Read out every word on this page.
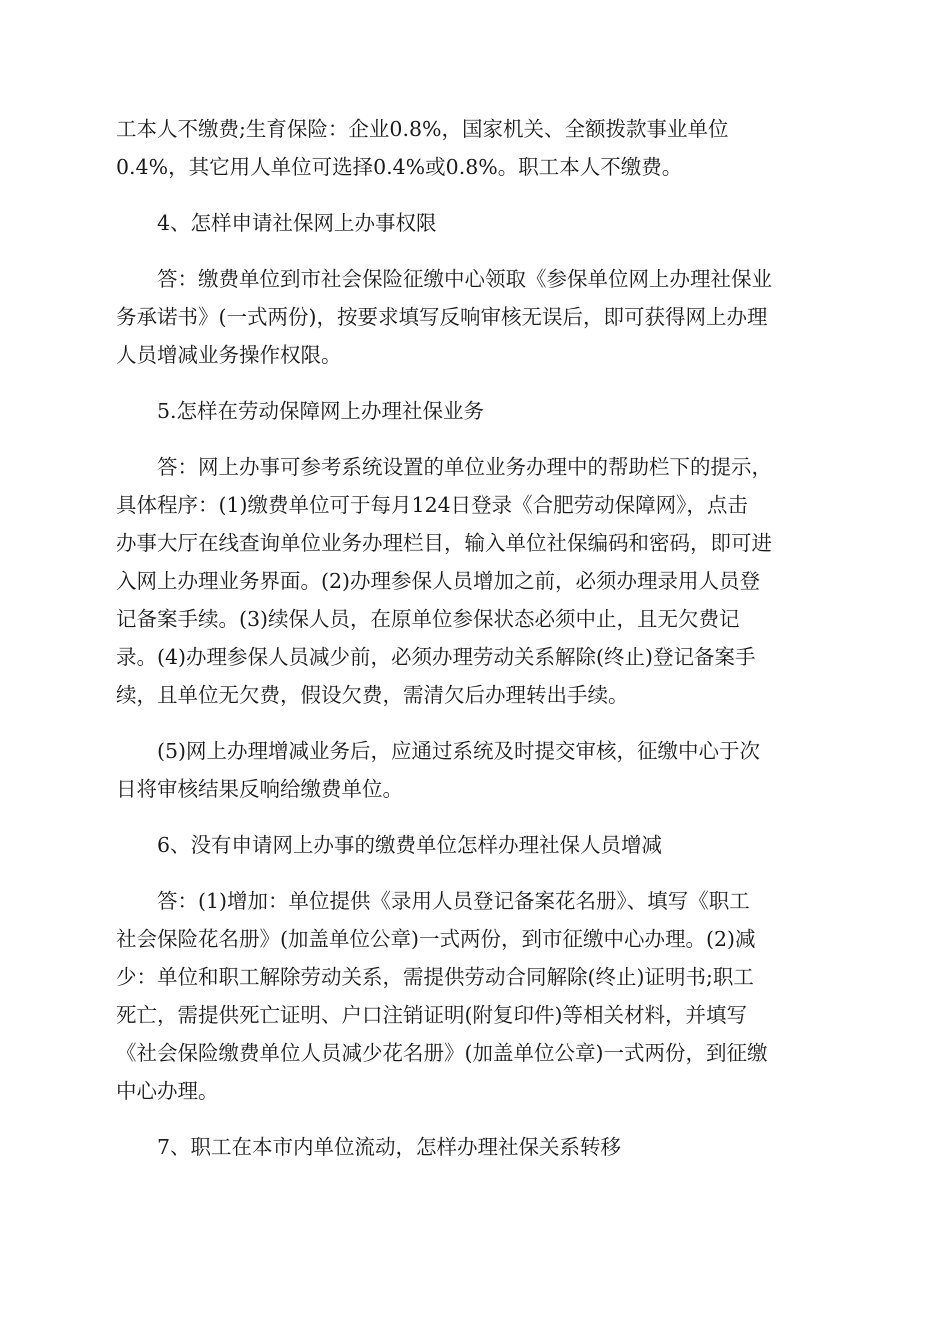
工本人不缴费;生育保险：企业0.8%，国家机关、全额拨款事业单位
0.4%，其它用人单位可选择0.4%或0.8%。职工本人不缴费。

4、怎样申请社保网上办事权限

答：缴费单位到市社会保险征缴中心领取《参保单位网上办理社保业
务承诺书》(一式两份)，按要求填写反响审核无误后，即可获得网上办理
人员增减业务操作权限。

5.怎样在劳动保障网上办理社保业务

答：网上办事可参考系统设置的单位业务办理中的帮助栏下的提示，
具体程序：(1)缴费单位可于每月124日登录《合肥劳动保障网》，点击
办事大厅在线查询单位业务办理栏目，输入单位社保编码和密码，即可进
入网上办理业务界面。(2)办理参保人员增加之前，必须办理录用人员登
记备案手续。(3)续保人员，在原单位参保状态必须中止，且无欠费记
录。(4)办理参保人员减少前，必须办理劳动关系解除(终止)登记备案手
续，且单位无欠费，假设欠费，需清欠后办理转出手续。

(5)网上办理增减业务后，应通过系统及时提交审核，征缴中心于次
日将审核结果反响给缴费单位。

6、没有申请网上办事的缴费单位怎样办理社保人员增减

答：(1)增加：单位提供《录用人员登记备案花名册》、填写《职工
社会保险花名册》(加盖单位公章)一式两份，到市征缴中心办理。(2)减
少：单位和职工解除劳动关系，需提供劳动合同解除(终止)证明书;职工
死亡，需提供死亡证明、户口注销证明(附复印件)等相关材料，并填写
《社会保险缴费单位人员减少花名册》(加盖单位公章)一式两份，到征缴
中心办理。

7、职工在本市内单位流动，怎样办理社保关系转移
